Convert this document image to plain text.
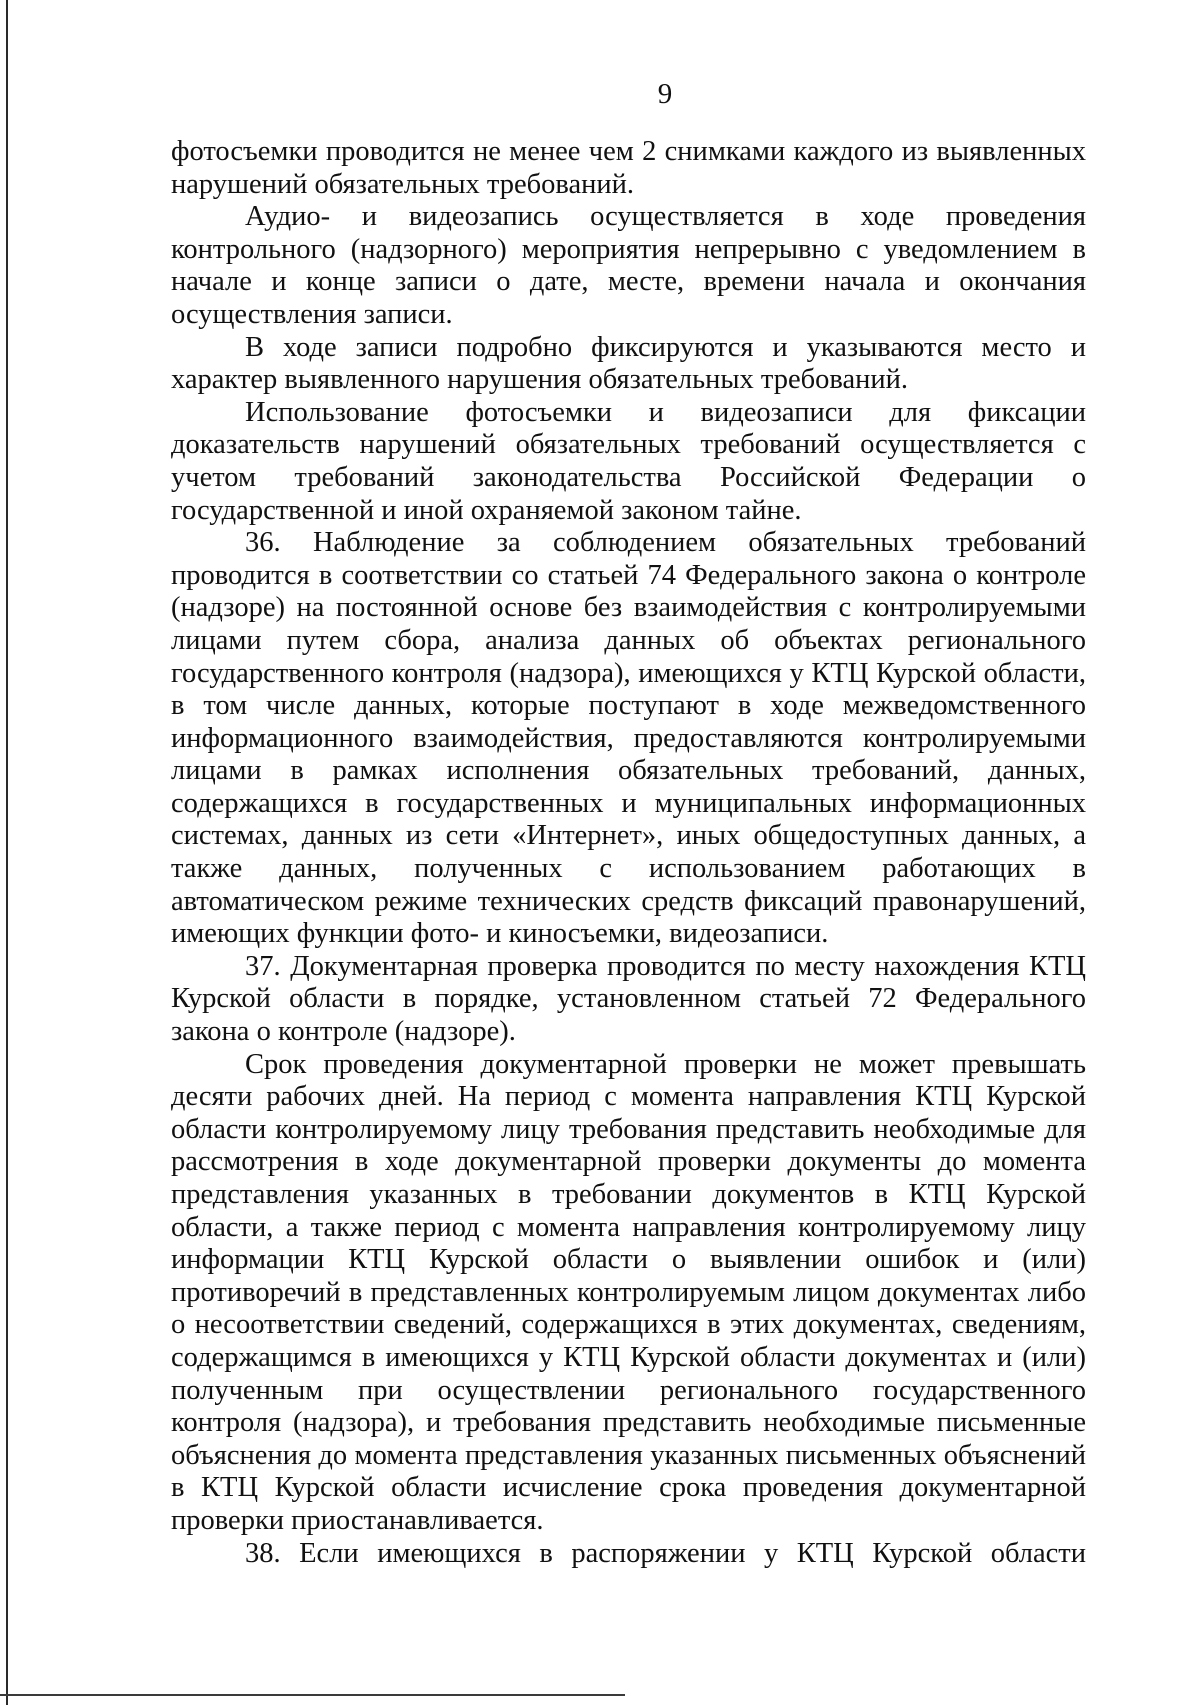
9

фотосъемки проводится не менее чем 2 снимками каждого из выявленных нарушений обязательных требований.

Аудио- и видеозапись осуществляется в ходе проведения контрольного (надзорного) мероприятия непрерывно с уведомлением в начале и конце записи о дате, месте, времени начала и окончания осуществления записи.

В ходе записи подробно фиксируются и указываются место и характер выявленного нарушения обязательных требований.

Использование фотосъемки и видеозаписи для фиксации доказательств нарушений обязательных требований осуществляется с учетом требований законодательства Российской Федерации о государственной и иной охраняемой законом тайне.

36. Наблюдение за соблюдением обязательных требований проводится в соответствии со статьей 74 Федерального закона о контроле (надзоре) на постоянной основе без взаимодействия с контролируемыми лицами путем сбора, анализа данных об объектах регионального государственного контроля (надзора), имеющихся у КТЦ Курской области, в том числе данных, которые поступают в ходе межведомственного информационного взаимодействия, предоставляются контролируемыми лицами в рамках исполнения обязательных требований, данных, содержащихся в государственных и муниципальных информационных системах, данных из сети «Интернет», иных общедоступных данных, а также данных, полученных с использованием работающих в автоматическом режиме технических средств фиксаций правонарушений, имеющих функции фото- и киносъемки, видеозаписи.

37. Документарная проверка проводится по месту нахождения КТЦ Курской области в порядке, установленном статьей 72 Федерального закона о контроле (надзоре).

Срок проведения документарной проверки не может превышать десяти рабочих дней. На период с момента направления КТЦ Курской области контролируемому лицу требования представить необходимые для рассмотрения в ходе документарной проверки документы до момента представления указанных в требовании документов в КТЦ Курской области, а также период с момента направления контролируемому лицу информации КТЦ Курской области о выявлении ошибок и (или) противоречий в представленных контролируемым лицом документах либо о несоответствии сведений, содержащихся в этих документах, сведениям, содержащимся в имеющихся у КТЦ Курской области документах и (или) полученным при осуществлении регионального государственного контроля (надзора), и требования представить необходимые письменные объяснения до момента представления указанных письменных объяснений в КТЦ Курской области исчисление срока проведения документарной проверки приостанавливается.

38. Если имеющихся в распоряжении у КТЦ Курской области
